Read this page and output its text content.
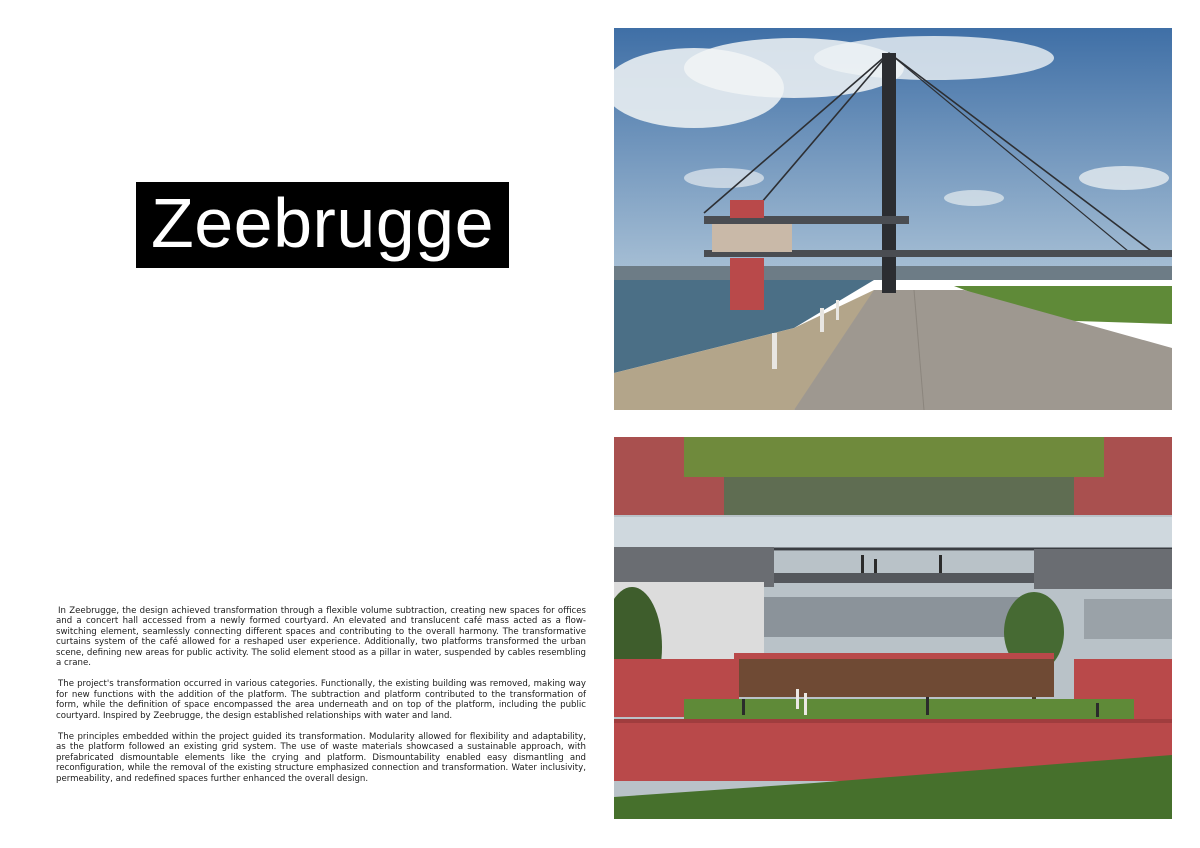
Zeebrugge

In Zeebrugge, the design achieved transformation through a flexible volume subtraction, creating new spaces for offices and a concert hall accessed from a newly formed courtyard. An elevated and translucent café mass acted as a flow-switching element, seamlessly connecting different spaces and contributing to the overall harmony. The transformative curtains system of the café allowed for a reshaped user experience. Additionally, two platforms transformed the urban scene, defining new areas for public activity. The solid element stood as a pillar in water, suspended by cables resembling a crane.

The project's transformation occurred in various categories. Functionally, the existing building was removed, making way for new functions with the addition of the platform. The subtraction and platform contributed to the transformation of form, while the definition of space encompassed the area underneath and on top of the platform, including the public courtyard. Inspired by Zeebrugge, the design established relationships with water and land.

The principles embedded within the project guided its transformation. Modularity allowed for flexibility and adaptability, as the platform followed an existing grid system. The use of waste materials showcased a sustainable approach, with prefabricated dismountable elements like the crying and platform. Dismountability enabled easy dismantling and reconfiguration, while the removal of the existing structure emphasized connection and transformation. Water inclusivity, permeability, and redefined spaces further enhanced the overall design.
